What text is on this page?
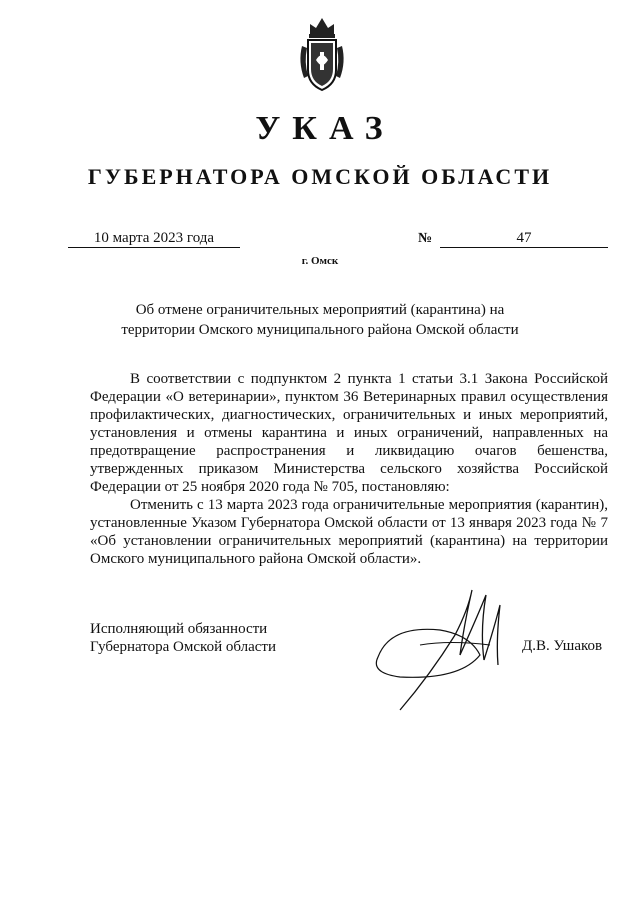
УКАЗ
ГУБЕРНАТОРА ОМСКОЙ ОБЛАСТИ
10 марта 2023 года	№	47
г. Омск
Об отмене ограничительных мероприятий (карантина) на территории Омского муниципального района Омской области
В соответствии с подпунктом 2 пункта 1 статьи 3.1 Закона Российской Федерации «О ветеринарии», пунктом 36 Ветеринарных правил осуществления профилактических, диагностических, ограничительных и иных мероприятий, установления и отмены карантина и иных ограничений, направленных на предотвращение распространения и ликвидацию очагов бешенства, утвержденных приказом Министерства сельского хозяйства Российской Федерации от 25 ноября 2020 года № 705, постановляю:
Отменить с 13 марта 2023 года ограничительные мероприятия (карантин), установленные Указом Губернатора Омской области от 13 января 2023 года № 7 «Об установлении ограничительных мероприятий (карантина) на территории Омского муниципального района Омской области».
Исполняющий обязанности
Губернатора Омской области	Д.В. Ушаков
